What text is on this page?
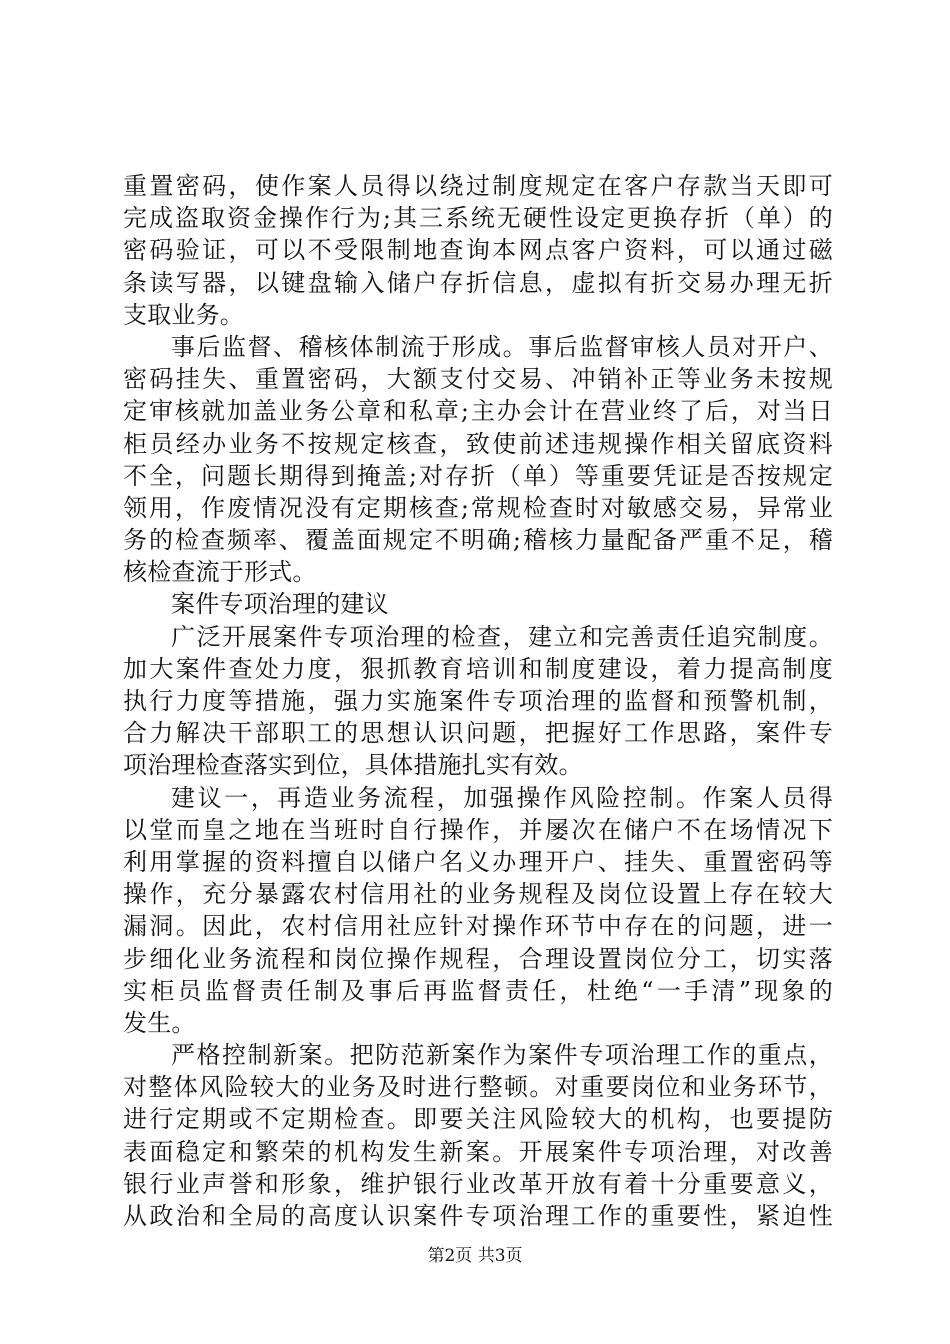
重置密码，使作案人员得以绕过制度规定在客户存款当天即可
完成盗取资金操作行为;其三系统无硬性设定更换存折（单）的
密码验证，可以不受限制地查询本网点客户资料，可以通过磁
条读写器，以键盘输入储户存折信息，虚拟有折交易办理无折
支取业务。
事后监督、稽核体制流于形成。事后监督审核人员对开户、
密码挂失、重置密码，大额支付交易、冲销补正等业务未按规
定审核就加盖业务公章和私章;主办会计在营业终了后，对当日
柜员经办业务不按规定核查，致使前述违规操作相关留底资料
不全，问题长期得到掩盖;对存折（单）等重要凭证是否按规定
领用，作废情况没有定期核查;常规检查时对敏感交易，异常业
务的检查频率、覆盖面规定不明确;稽核力量配备严重不足，稽
核检查流于形式。
案件专项治理的建议
广泛开展案件专项治理的检查，建立和完善责任追究制度。
加大案件查处力度，狠抓教育培训和制度建设，着力提高制度
执行力度等措施，强力实施案件专项治理的监督和预警机制，
合力解决干部职工的思想认识问题，把握好工作思路，案件专
项治理检查落实到位，具体措施扎实有效。
建议一，再造业务流程，加强操作风险控制。作案人员得
以堂而皇之地在当班时自行操作，并屡次在储户不在场情况下
利用掌握的资料擅自以储户名义办理开户、挂失、重置密码等
操作，充分暴露农村信用社的业务规程及岗位设置上存在较大
漏洞。因此，农村信用社应针对操作环节中存在的问题，进一
步细化业务流程和岗位操作规程，合理设置岗位分工，切实落
实柜员监督责任制及事后再监督责任，杜绝“一手清”现象的
发生。
严格控制新案。把防范新案作为案件专项治理工作的重点，
对整体风险较大的业务及时进行整顿。对重要岗位和业务环节，
进行定期或不定期检查。即要关注风险较大的机构，也要提防
表面稳定和繁荣的机构发生新案。开展案件专项治理，对改善
银行业声誉和形象，维护银行业改革开放有着十分重要意义，
从政治和全局的高度认识案件专项治理工作的重要性，紧迫性
第2页 共3页
